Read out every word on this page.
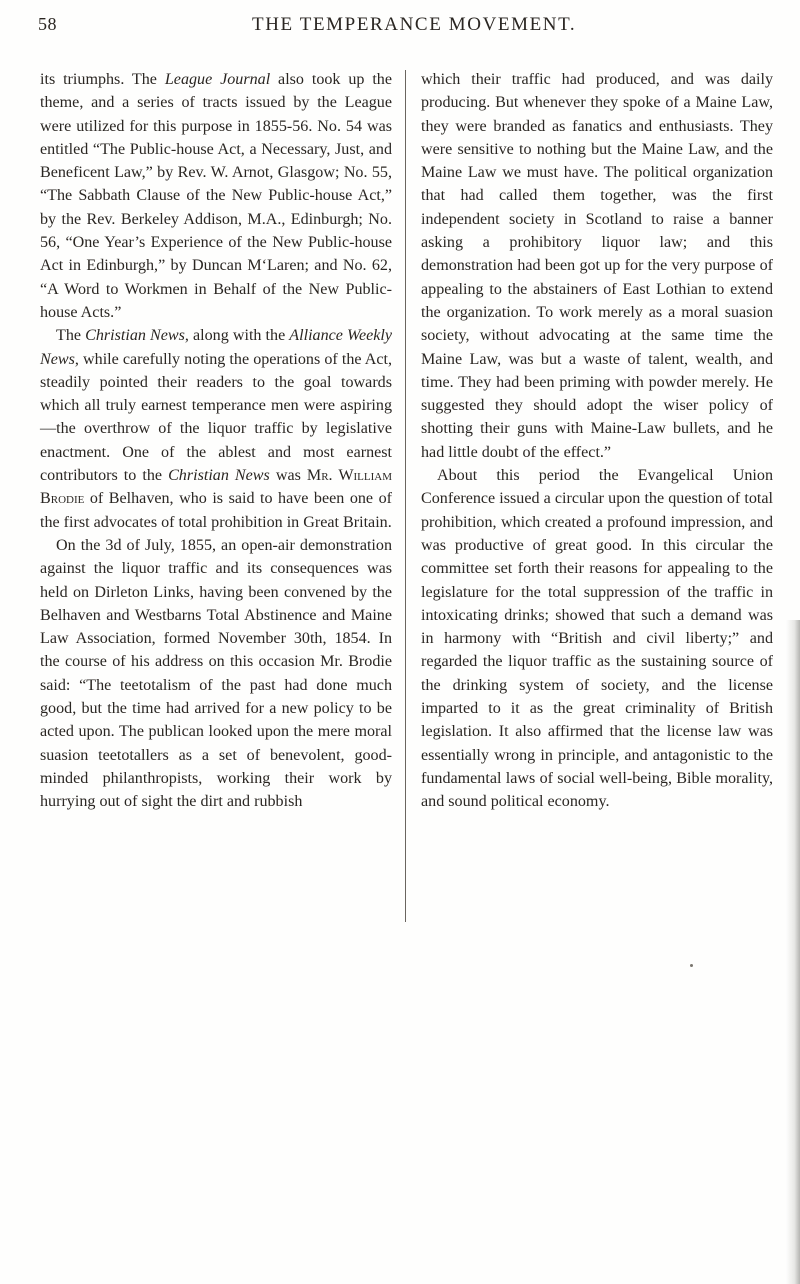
58	THE TEMPERANCE MOVEMENT.

its triumphs. The League Journal also took up the theme, and a series of tracts issued by the League were utilized for this purpose in 1855-56. No. 54 was entitled “The Public-house Act, a Necessary, Just, and Beneficent Law,” by Rev. W. Arnot, Glasgow; No. 55, “The Sabbath Clause of the New Public-house Act,” by the Rev. Berkeley Addison, M.A., Edinburgh; No. 56, “One Year’s Experience of the New Public-house Act in Edinburgh,” by Duncan M‘Laren; and No. 62, “A Word to Workmen in Behalf of the New Public-house Acts.”

The Christian News, along with the Alliance Weekly News, while carefully noting the operations of the Act, steadily pointed their readers to the goal towards which all truly earnest temperance men were aspiring—the overthrow of the liquor traffic by legislative enactment. One of the ablest and most earnest contributors to the Christian News was Mr. William Brodie of Belhaven, who is said to have been one of the first advocates of total prohibition in Great Britain.

On the 3d of July, 1855, an open-air demonstration against the liquor traffic and its consequences was held on Dirleton Links, having been convened by the Belhaven and Westbarns Total Abstinence and Maine Law Association, formed November 30th, 1854. In the course of his address on this occasion Mr. Brodie said: “The teetotalism of the past had done much good, but the time had arrived for a new policy to be acted upon. The publican looked upon the mere moral suasion teetotallers as a set of benevolent, good-minded philanthropists, working their work by hurrying out of sight the dirt and rubbish

which their traffic had produced, and was daily producing. But whenever they spoke of a Maine Law, they were branded as fanatics and enthusiasts. They were sensitive to nothing but the Maine Law, and the Maine Law we must have. The political organization that had called them together, was the first independent society in Scotland to raise a banner asking a prohibitory liquor law; and this demonstration had been got up for the very purpose of appealing to the abstainers of East Lothian to extend the organization. To work merely as a moral suasion society, without advocating at the same time the Maine Law, was but a waste of talent, wealth, and time. They had been priming with powder merely. He suggested they should adopt the wiser policy of shotting their guns with Maine-Law bullets, and he had little doubt of the effect.”

About this period the Evangelical Union Conference issued a circular upon the question of total prohibition, which created a profound impression, and was productive of great good. In this circular the committee set forth their reasons for appealing to the legislature for the total suppression of the traffic in intoxicating drinks; showed that such a demand was in harmony with “British and civil liberty;” and regarded the liquor traffic as the sustaining source of the drinking system of society, and the license imparted to it as the great criminality of British legislation. It also affirmed that the license law was essentially wrong in principle, and antagonistic to the fundamental laws of social well-being, Bible morality, and sound political economy.
